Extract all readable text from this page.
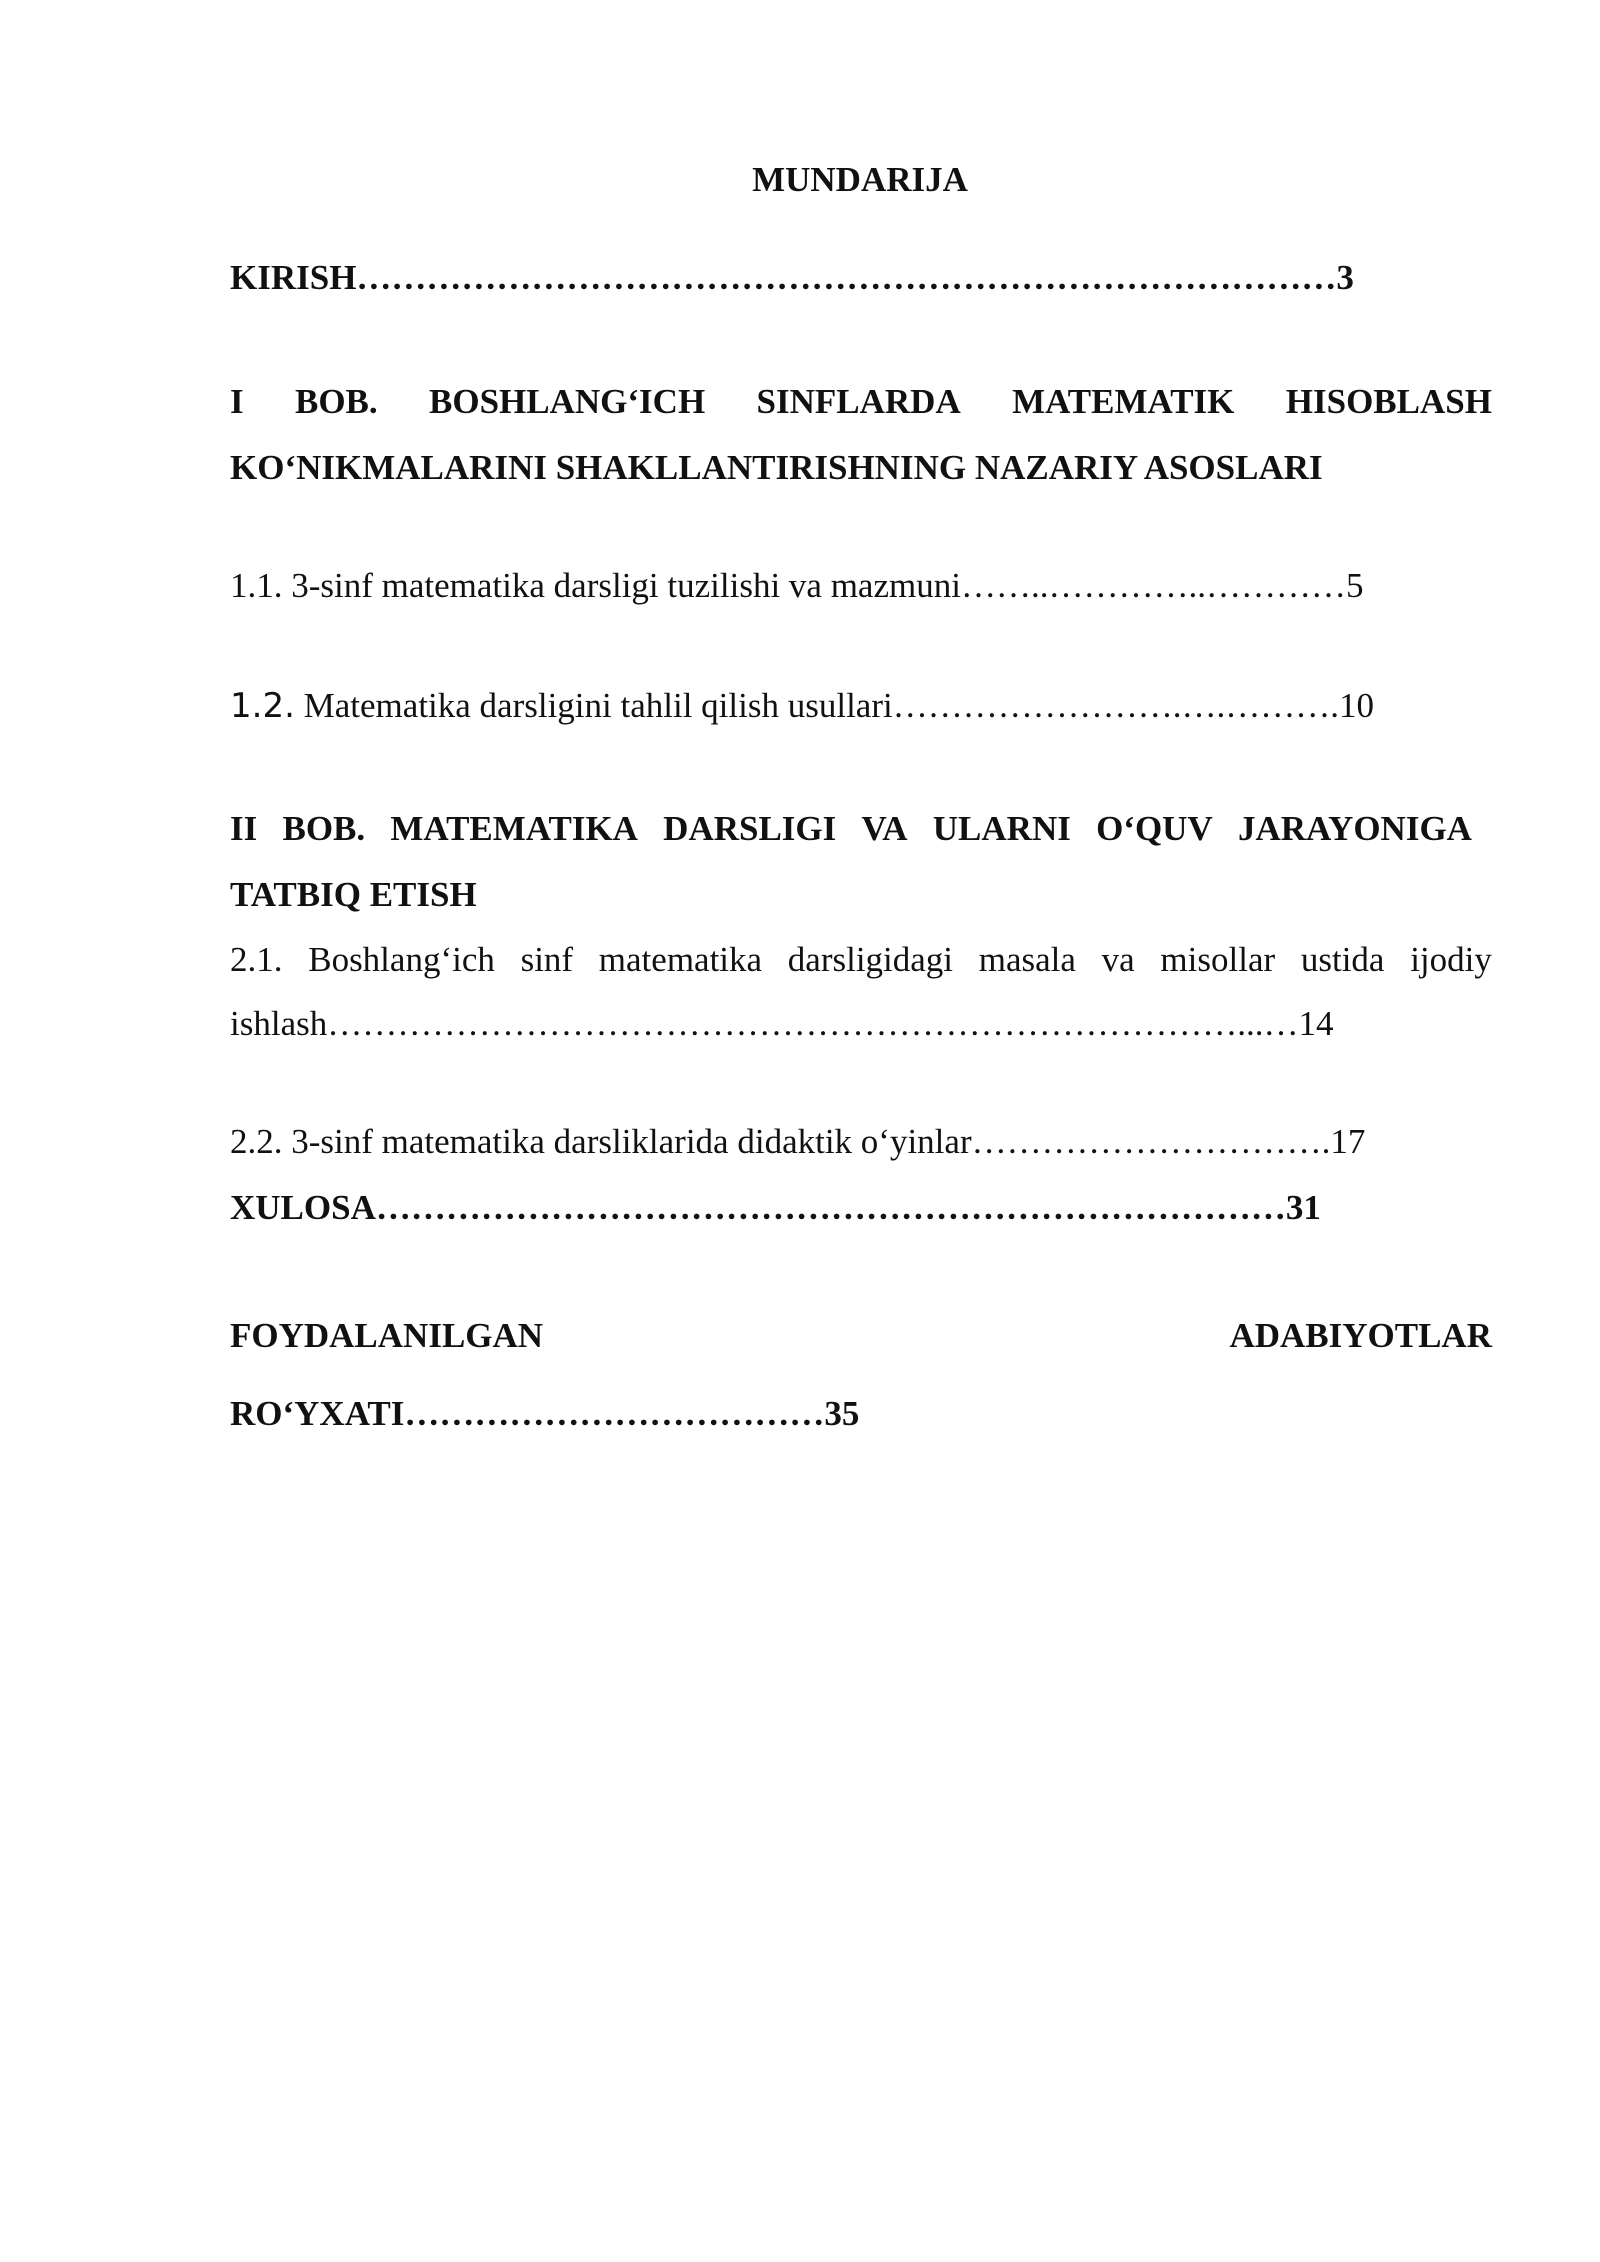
MUNDARIJA
KIRISH…………………………………………………………………………3
I BOB. BOSHLANG‘ICH SINFLARDA MATEMATIK HISOBLASH
KO‘NIKMALARINI SHAKLLANTIRISHNING NAZARIY ASOSLARI
1.1. 3-sinf matematika darsligi tuzilishi va mazmuni……..…………..…………5
1.2. Matematika darsligini tahlil qilish usullari…………………….….……….10
II BOB. MATEMATIKA DARSLIGI VA ULARNI O‘QUV JARAYONIGA
TATBIQ ETISH
2.1. Boshlang‘ich sinf matematika darsligidagi masala va misollar ustida ijodiy
ishlash……………………………………………………………………...…14
2.2. 3-sinf matematika darsliklarida didaktik o‘yinlar………………………….17
XULOSA……………………………………………………………………31
FOYDALANILGAN	ADABIYOTLAR
RO‘YXATI………………………………35
